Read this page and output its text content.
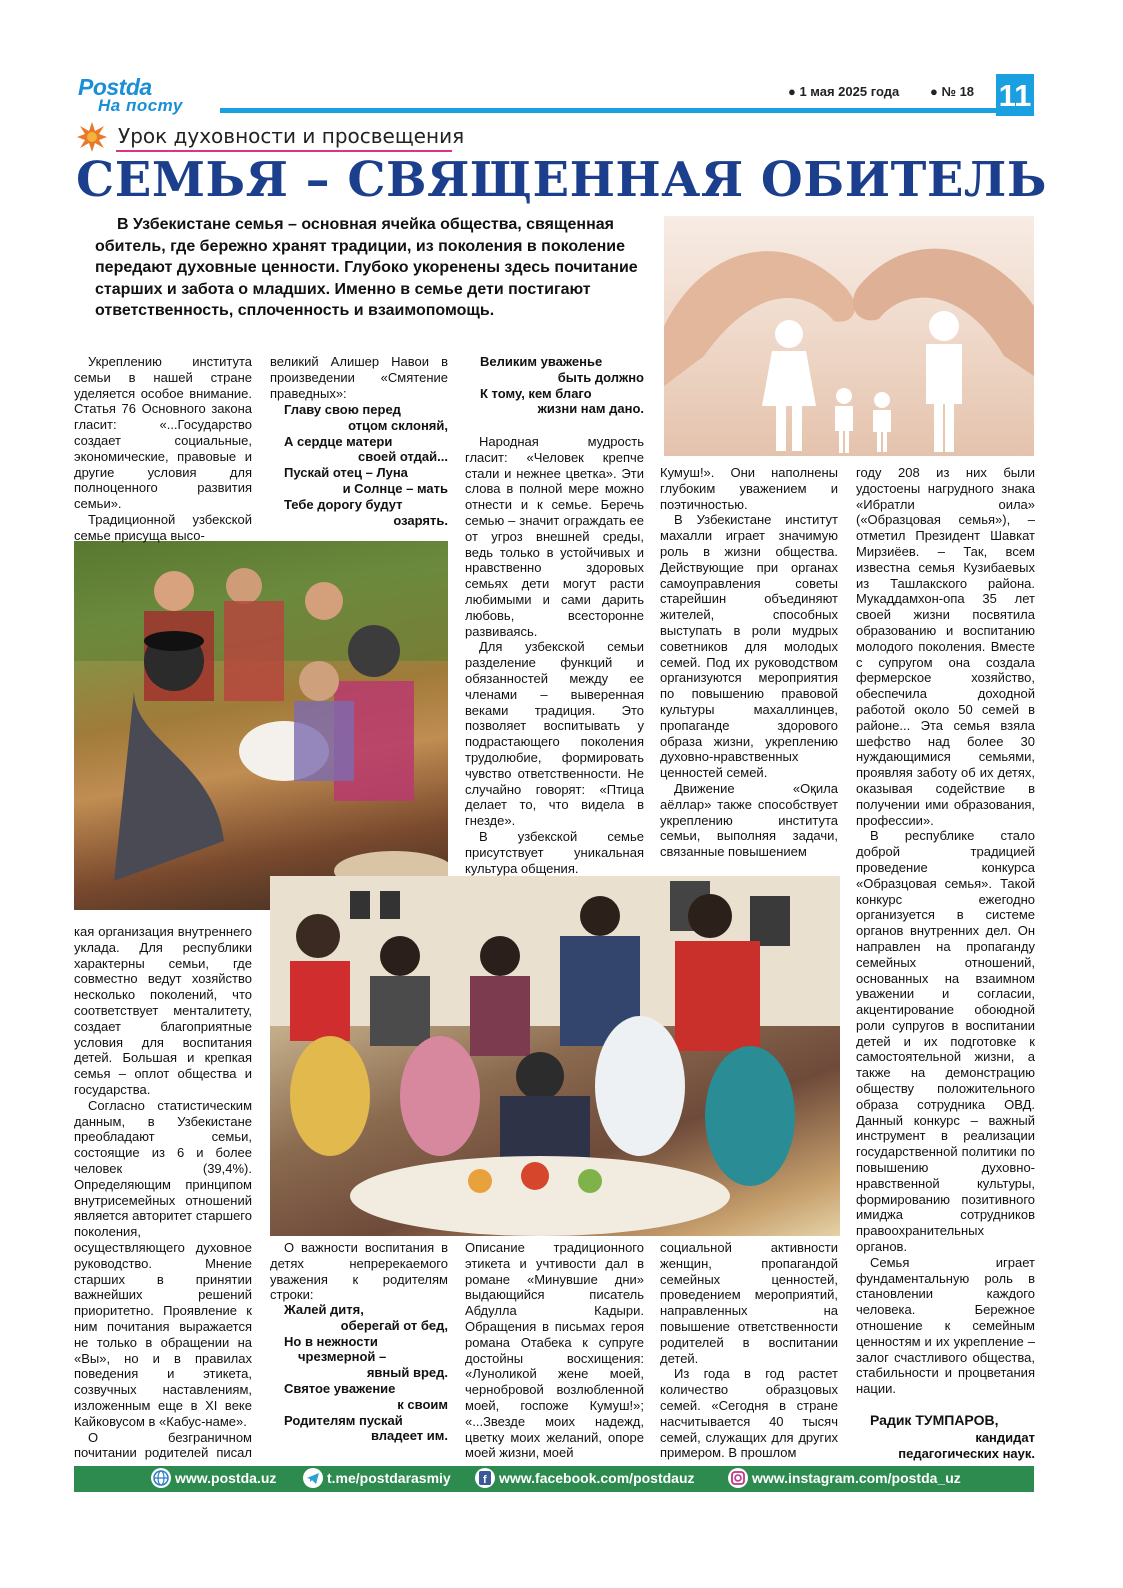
Postda
На посту
● 1 мая 2025 года ● № 18 11
Урок духовности и просвещения
СЕМЬЯ – СВЯЩЕННАЯ ОБИТЕЛЬ

В Узбекистане семья – основная ячейка общества, священная обитель, где бережно хранят традиции, из поколения в поколение передают духовные ценности. Глубоко укоренены здесь почитание старших и забота о младших. Именно в семье дети постигают ответственность, сплоченность и взаимопомощь.

Укреплению института семьи в нашей стране уделяется особое внимание. Статья 76 Основного закона гласит: «...Государство создает социальные, экономические, правовые и другие условия для полноценного развития семьи».

Традиционной узбекской семье присуща высо-

великий Алишер Навои в произведении «Смятение праведных»:

Главу свою перед
отцом склоняй,
А сердце матери
своей отдай...
Пускай отец – Луна
и Солнце – мать
Тебе дорогу будут
озарять.
Великим уваженье
быть должно
К тому, кем благо
жизни нам дано.

Народная мудрость гласит: «Человек крепче стали и нежнее цветка». Эти слова в полной мере можно отнести и к семье. Беречь семью – значит ограждать ее от угроз внешней среды, ведь только в устойчивых и нравственно здоровых семьях дети могут расти любимыми и сами дарить любовь, всесторонне развиваясь.

Для узбекской семьи разделение функций и обязанностей между ее членами – выверенная веками традиция. Это позволяет воспитывать у подрастающего поколения трудолюбие, формировать чувство ответственности. Не случайно говорят: «Птица делает то, что видела в гнезде».

В узбекской семье присутствует уникальная культура общения.

Кумуш!». Они наполнены глубоким уважением и поэтичностью.

В Узбекистане институт махалли играет значимую роль в жизни общества. Действующие при органах самоуправления советы старейшин объединяют жителей, способных выступать в роли мудрых советников для молодых семей. Под их руководством организуются мероприятия по повышению правовой культуры махаллинцев, пропаганде здорового образа жизни, укреплению духовно-нравственных ценностей семей.

Движение «Оқила аёллар» также способствует укреплению института семьи, выполняя задачи, связанные повышением

году 208 из них были удостоены нагрудного знака «Ибратли оила» («Образцовая семья»), – отметил Президент Шавкат Мирзиёев. – Так, всем известна семья Кузибаевых из Ташлакского района. Мукаддамхон-опа 35 лет своей жизни посвятила образованию и воспитанию молодого поколения. Вместе с супругом она создала фермерское хозяйство, обеспечила доходной работой около 50 семей в районе... Эта семья взяла шефство над более 30 нуждающимися семьями, проявляя заботу об их детях, оказывая содействие в получении ими образования, профессии».

В республике стало доброй традицией проведение конкурса «Образцовая семья». Такой конкурс ежегодно организуется в системе органов внутренних дел. Он направлен на пропаганду семейных отношений, основанных на взаимном уважении и согласии, акцентирование обоюдной роли супругов в воспитании детей и их подготовке к самостоятельной жизни, а также на демонстрацию обществу положительного образа сотрудника ОВД. Данный конкурс – важный инструмент в реализации государственной политики по повышению духовно-нравственной культуры, формированию позитивного имиджа сотрудников правоохранительных органов.

Семья играет фундаментальную роль в становлении каждого человека. Бережное отношение к семейным ценностям и их укрепление – залог счастливого общества, стабильности и процветания нации.

кая организация внутреннего уклада. Для республики характерны семьи, где совместно ведут хозяйство несколько поколений, что соответствует менталитету, создает благоприятные условия для воспитания детей. Большая и крепкая семья – оплот общества и государства.

Согласно статистическим данным, в Узбекистане преобладают семьи, состоящие из 6 и более человек (39,4%). Определяющим принципом внутрисемейных отношений является авторитет старшего поколения, осуществляющего духовное руководство. Мнение старших в принятии важнейших решений приоритетно. Проявление к ним почитания выражается не только в обращении на «Вы», но и в правилах поведения и этикета, созвучных наставлениям, изложенным еще в XI веке Кайковусом в «Кабус-наме».

О безграничном почитании родителей писал

О важности воспитания в детях непререкаемого уважения к родителям строки:

Жалей дитя,
оберегай от бед,
Но в нежности
чрезмерной –
явный вред.
Святое уважение
к своим
Родителям пускай
владеет им.

Описание традиционного этикета и учтивости дал в романе «Минувшие дни» выдающийся писатель Абдулла Кадыри. Обращения в письмах героя романа Отабека к супруге достойны восхищения: «Луноликой жене моей, чернобровой возлюбленной моей, госпоже Кумуш!»; «...Звезде моих надежд, цветку моих желаний, опоре моей жизни, моей

социальной активности женщин, пропагандой семейных ценностей, проведением мероприятий, направленных на повышение ответственности родителей в воспитании детей.

Из года в год растет количество образцовых семей. «Сегодня в стране насчитывается 40 тысяч семей, служащих для других примером. В прошлом

Радик ТУМПАРОВ,
кандидат
педагогических наук.
www.postda.uz	t.me/postdarasmiy	f www.facebook.com/postdauz	www.instagram.com/postda_uz
